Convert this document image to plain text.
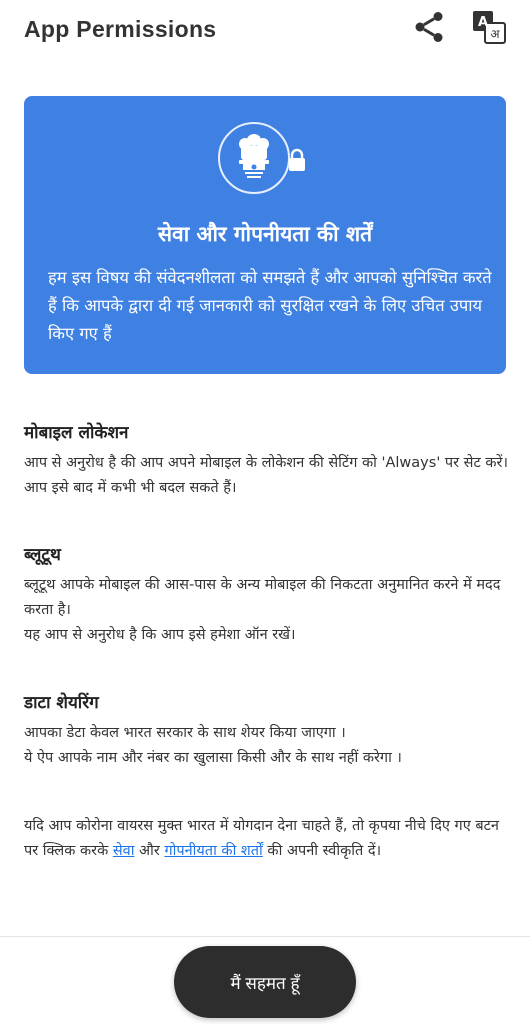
App Permissions	A
अ
सेवा और गोपनीयता की शर्तें
हम इस विषय की संवेदनशीलता को समझते हैं और आपको सुनिश्चित करते हैं कि आपके द्वारा दी गई जानकारी को सुरक्षित रखने के लिए उचित उपाय किए गए हैं
मोबाइल लोकेशन

आप से अनुरोध है की आप अपने मोबाइल के लोकेशन की सेटिंग को 'Always' पर सेट करें।आप इसे बाद में कभी भी बदल सकते हैं।

ब्लूटूथ

ब्लूटूथ आपके मोबाइल की आस-पास के अन्य मोबाइल की निकटता अनुमानित करने में मदद करता है।

यह आप से अनुरोध है कि आप इसे हमेशा ऑन रखें।

डाटा शेयरिंग

आपका डेटा केवल भारत सरकार के साथ शेयर किया जाएगा ।

ये ऐप आपके नाम और नंबर का खुलासा किसी और के साथ नहीं करेगा ।

यदि आप कोरोना वायरस मुक्त भारत में योगदान देना चाहते हैं, तो कृपया नीचे दिए गए बटन पर क्लिक करके सेवा और गोपनीयता की शर्तों की अपनी स्वीकृति दें।
मैं सहमत हूँ
